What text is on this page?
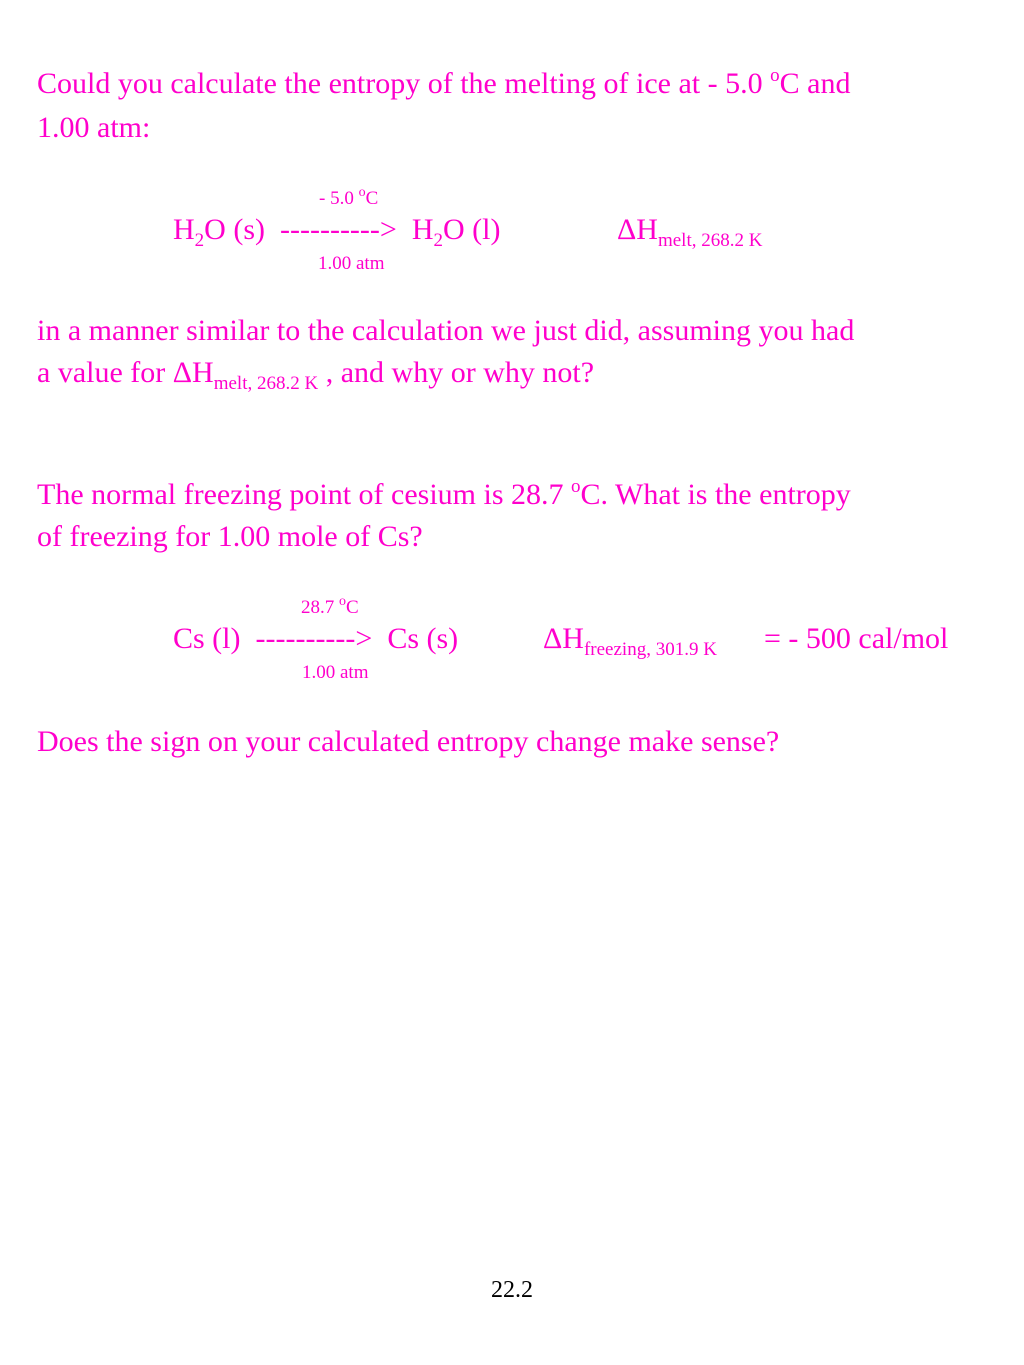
Could you calculate the entropy of the melting of ice at - 5.0 $^o$C and
1.00 atm:
- 5.0 $^o$C
$H_2O$ (s) ----------> $H_2O$ (l)	$\Delta H_{melt, 268.2 K}$
1.00 atm
in a manner similar to the calculation we just did, assuming you had
a value for $\Delta H_{melt, 268.2 K}$ , and why or why not?
The normal freezing point of cesium is 28.7 $^o$C. What is the entropy
of freezing for 1.00 mole of Cs?
28.7 $^o$C
Cs (l) ----------> Cs (s)	$\Delta H_{freezing, 301.9 K}$ = - 500 cal/mol
1.00 atm
Does the sign on your calculated entropy change make sense?
22.2
